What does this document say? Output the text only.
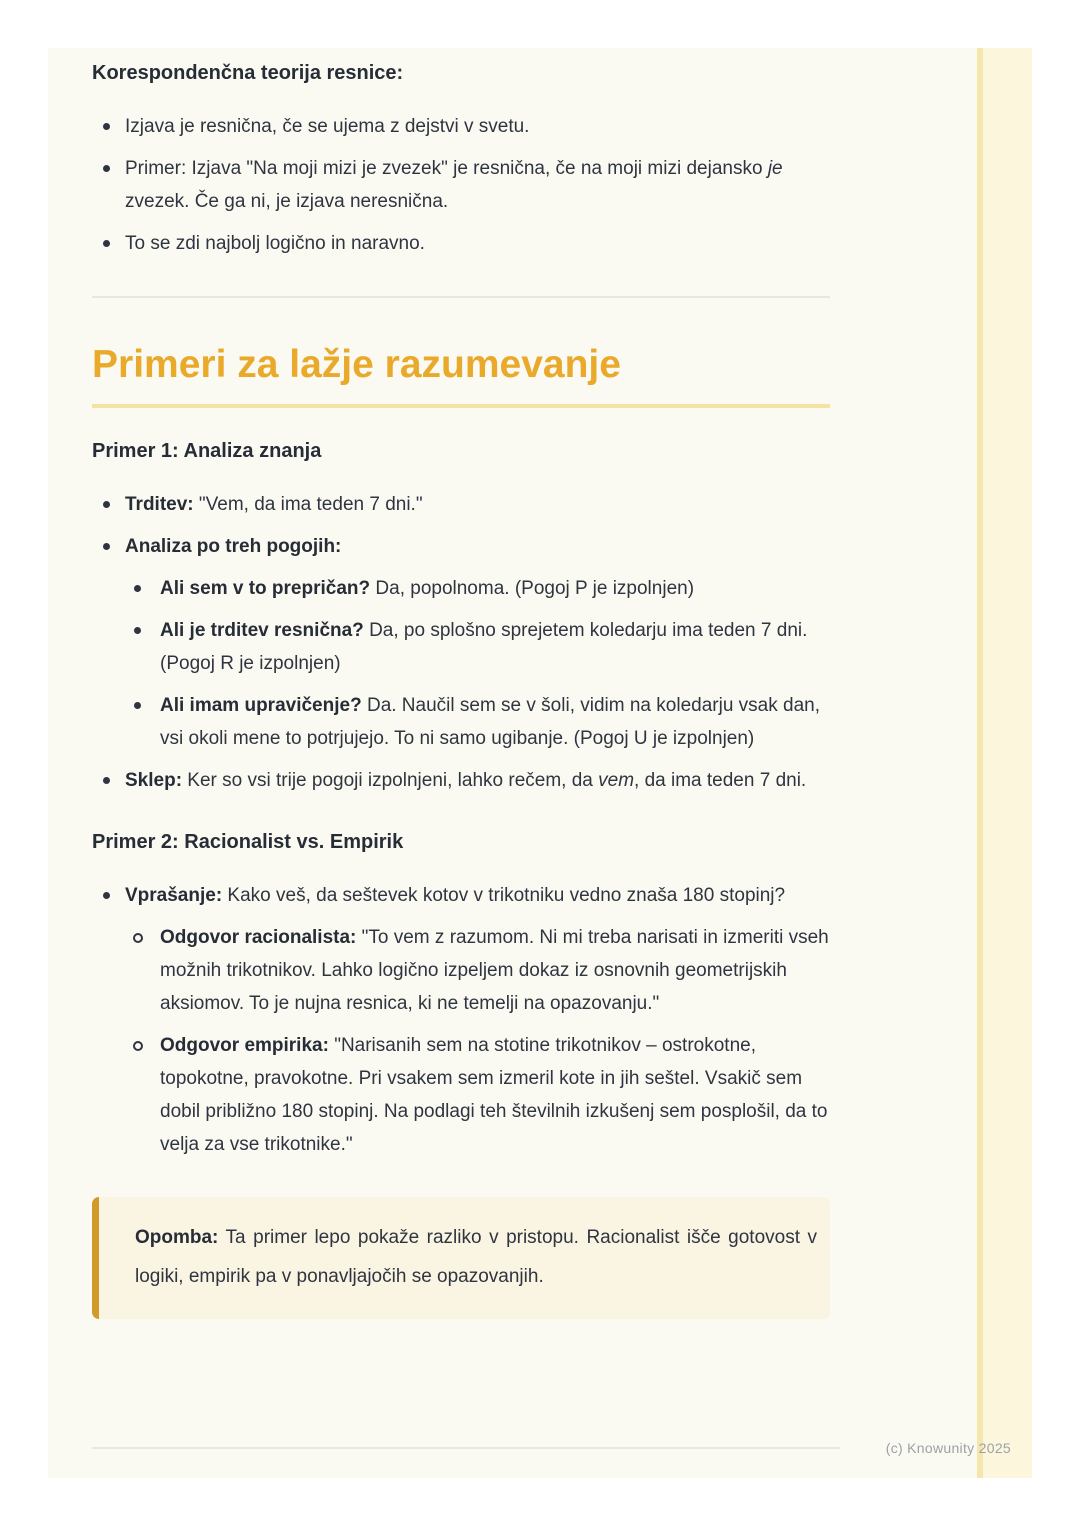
Korespondenčna teorija resnice:
Izjava je resnična, če se ujema z dejstvi v svetu.
Primer: Izjava "Na moji mizi je zvezek" je resnična, če na moji mizi dejansko je zvezek. Če ga ni, je izjava neresnična.
To se zdi najbolj logično in naravno.
Primeri za lažje razumevanje
Primer 1: Analiza znanja
Trditev: "Vem, da ima teden 7 dni."
Analiza po treh pogojih:
Ali sem v to prepričan? Da, popolnoma. (Pogoj P je izpolnjen)
Ali je trditev resnična? Da, po splošno sprejetem koledarju ima teden 7 dni. (Pogoj R je izpolnjen)
Ali imam upravičenje? Da. Naučil sem se v šoli, vidim na koledarju vsak dan, vsi okoli mene to potrjujejo. To ni samo ugibanje. (Pogoj U je izpolnjen)
Sklep: Ker so vsi trije pogoji izpolnjeni, lahko rečem, da vem, da ima teden 7 dni.
Primer 2: Racionalist vs. Empirik
Vprašanje: Kako veš, da seštevek kotov v trikotniku vedno znaša 180 stopinj?
Odgovor racionalista: "To vem z razumom. Ni mi treba narisati in izmeriti vseh možnih trikotnikov. Lahko logično izpeljem dokaz iz osnovnih geometrijskih aksiomov. To je nujna resnica, ki ne temelji na opazovanju."
Odgovor empirika: "Narisanih sem na stotine trikotnikov – ostrokotne, topokotne, pravokotne. Pri vsakem sem izmeril kote in jih seštel. Vsakič sem dobil približno 180 stopinj. Na podlagi teh številnih izkušenj sem posplošil, da to velja za vse trikotnike."

Opomba: Ta primer lepo pokaže razliko v pristopu. Racionalist išče gotovost v logiki, empirik pa v ponavljajočih se opazovanjih.

(c) Knowunity 2025
